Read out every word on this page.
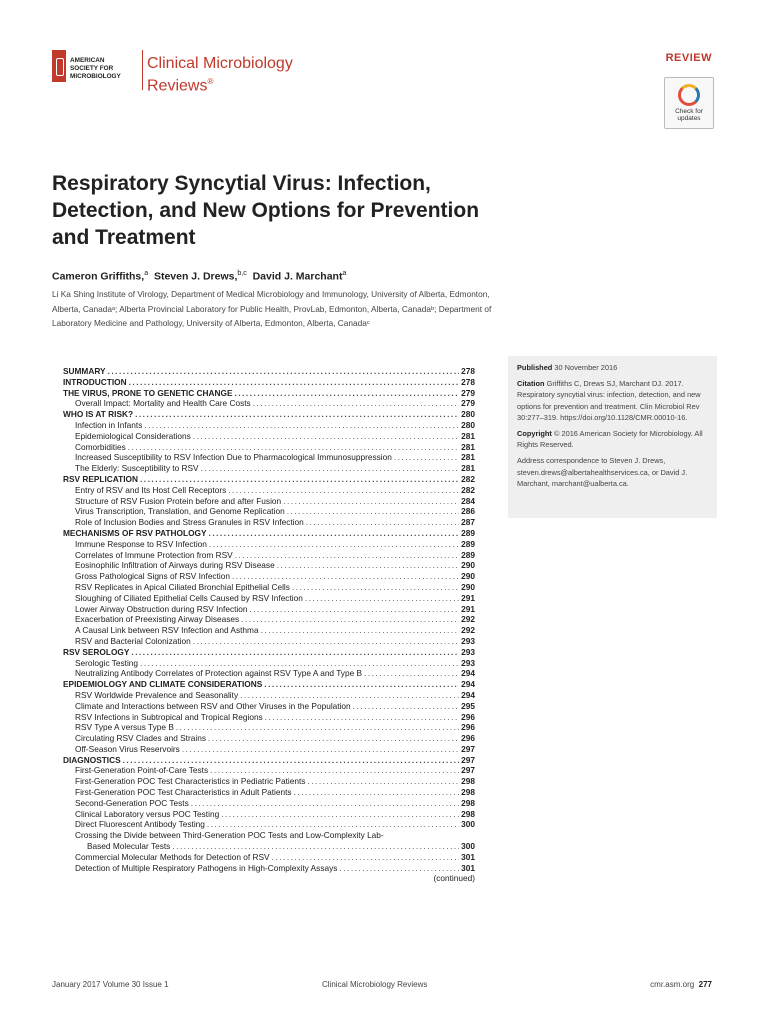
AMERICAN
SOCIETY FOR
MICROBIOLOGY
Clinical Microbiology
Reviews®
REVIEW
Check for
updates
Respiratory Syncytial Virus: Infection, Detection, and New Options for Prevention and Treatment
Cameron Griffiths,$^a$ Steven J. Drews,$^{b,c}$ David J. Marchant$^a$
Li Ka Shing Institute of Virology, Department of Medical Microbiology and Immunology, University of Alberta, Edmonton, Alberta, Canadaᵃ; Alberta Provincial Laboratory for Public Health, ProvLab, Edmonton, Alberta, Canadaᵇ; Department of Laboratory Medicine and Pathology, University of Alberta, Edmonton, Alberta, Canadaᶜ
SUMMARY .....	278
INTRODUCTION .....	278
THE VIRUS, PRONE TO GENETIC CHANGE .....	279
Overall Impact: Mortality and Health Care Costs .....	279
WHO IS AT RISK? .....	280
Infection in Infants .....	280
Epidemiological Considerations .....	281
Comorbidities .....	281
Increased Susceptibility to RSV Infection Due to Pharmacological Immunosuppression .....	281
The Elderly: Susceptibility to RSV .....	281
RSV REPLICATION .....	282
Entry of RSV and Its Host Cell Receptors .....	282
Structure of RSV Fusion Protein before and after Fusion .....	284
Virus Transcription, Translation, and Genome Replication .....	286
Role of Inclusion Bodies and Stress Granules in RSV Infection .....	287
MECHANISMS OF RSV PATHOLOGY .....	289
Immune Response to RSV Infection .....	289
Correlates of Immune Protection from RSV .....	289
Eosinophilic Infiltration of Airways during RSV Disease .....	290
Gross Pathological Signs of RSV Infection .....	290
RSV Replicates in Apical Ciliated Bronchial Epithelial Cells .....	290
Sloughing of Ciliated Epithelial Cells Caused by RSV Infection .....	291
Lower Airway Obstruction during RSV Infection .....	291
Exacerbation of Preexisting Airway Diseases .....	292
A Causal Link between RSV Infection and Asthma .....	292
RSV and Bacterial Colonization .....	293
RSV SEROLOGY .....	293
Serologic Testing .....	293
Neutralizing Antibody Correlates of Protection against RSV Type A and Type B .....	294
EPIDEMIOLOGY AND CLIMATE CONSIDERATIONS .....	294
RSV Worldwide Prevalence and Seasonality .....	294
Climate and Interactions between RSV and Other Viruses in the Population .....	295
RSV Infections in Subtropical and Tropical Regions .....	296
RSV Type A versus Type B .....	296
Circulating RSV Clades and Strains .....	296
Off-Season Virus Reservoirs .....	297
DIAGNOSTICS .....	297
First-Generation Point-of-Care Tests .....	297
First-Generation POC Test Characteristics in Pediatric Patients .....	298
First-Generation POC Test Characteristics in Adult Patients .....	298
Second-Generation POC Tests .....	298
Clinical Laboratory versus POC Testing .....	298
Direct Fluorescent Antibody Testing .....	300
Crossing the Divide between Third-Generation POC Tests and Low-Complexity Lab-
Based Molecular Tests .....	300
Commercial Molecular Methods for Detection of RSV .....	301
Detection of Multiple Respiratory Pathogens in High-Complexity Assays .....	301
(continued)

Published 30 November 2016

Citation Griffiths C, Drews SJ, Marchant DJ. 2017. Respiratory syncytial virus: infection, detection, and new options for prevention and treatment. Clin Microbiol Rev 30:277–319. https://doi.org/10.1128/CMR.00010-16.

Copyright © 2016 American Society for Microbiology. All Rights Reserved.

Address correspondence to Steven J. Drews, steven.drews@albertahealthservices.ca, or David J. Marchant, marchant@ualberta.ca.

January 2017 Volume 30 Issue 1	Clinical Microbiology Reviews	cmr.asm.org 277
